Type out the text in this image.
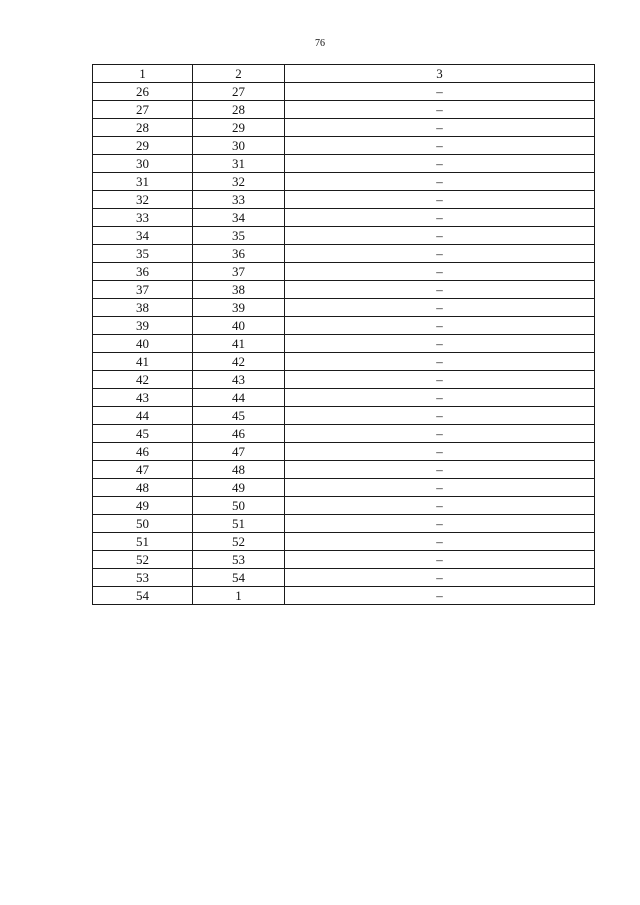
76
1	2	3
26	27	–
27	28	–
28	29	–
29	30	–
30	31	–
31	32	–
32	33	–
33	34	–
34	35	–
35	36	–
36	37	–
37	38	–
38	39	–
39	40	–
40	41	–
41	42	–
42	43	–
43	44	–
44	45	–
45	46	–
46	47	–
47	48	–
48	49	–
49	50	–
50	51	–
51	52	–
52	53	–
53	54	–
54	1	–
